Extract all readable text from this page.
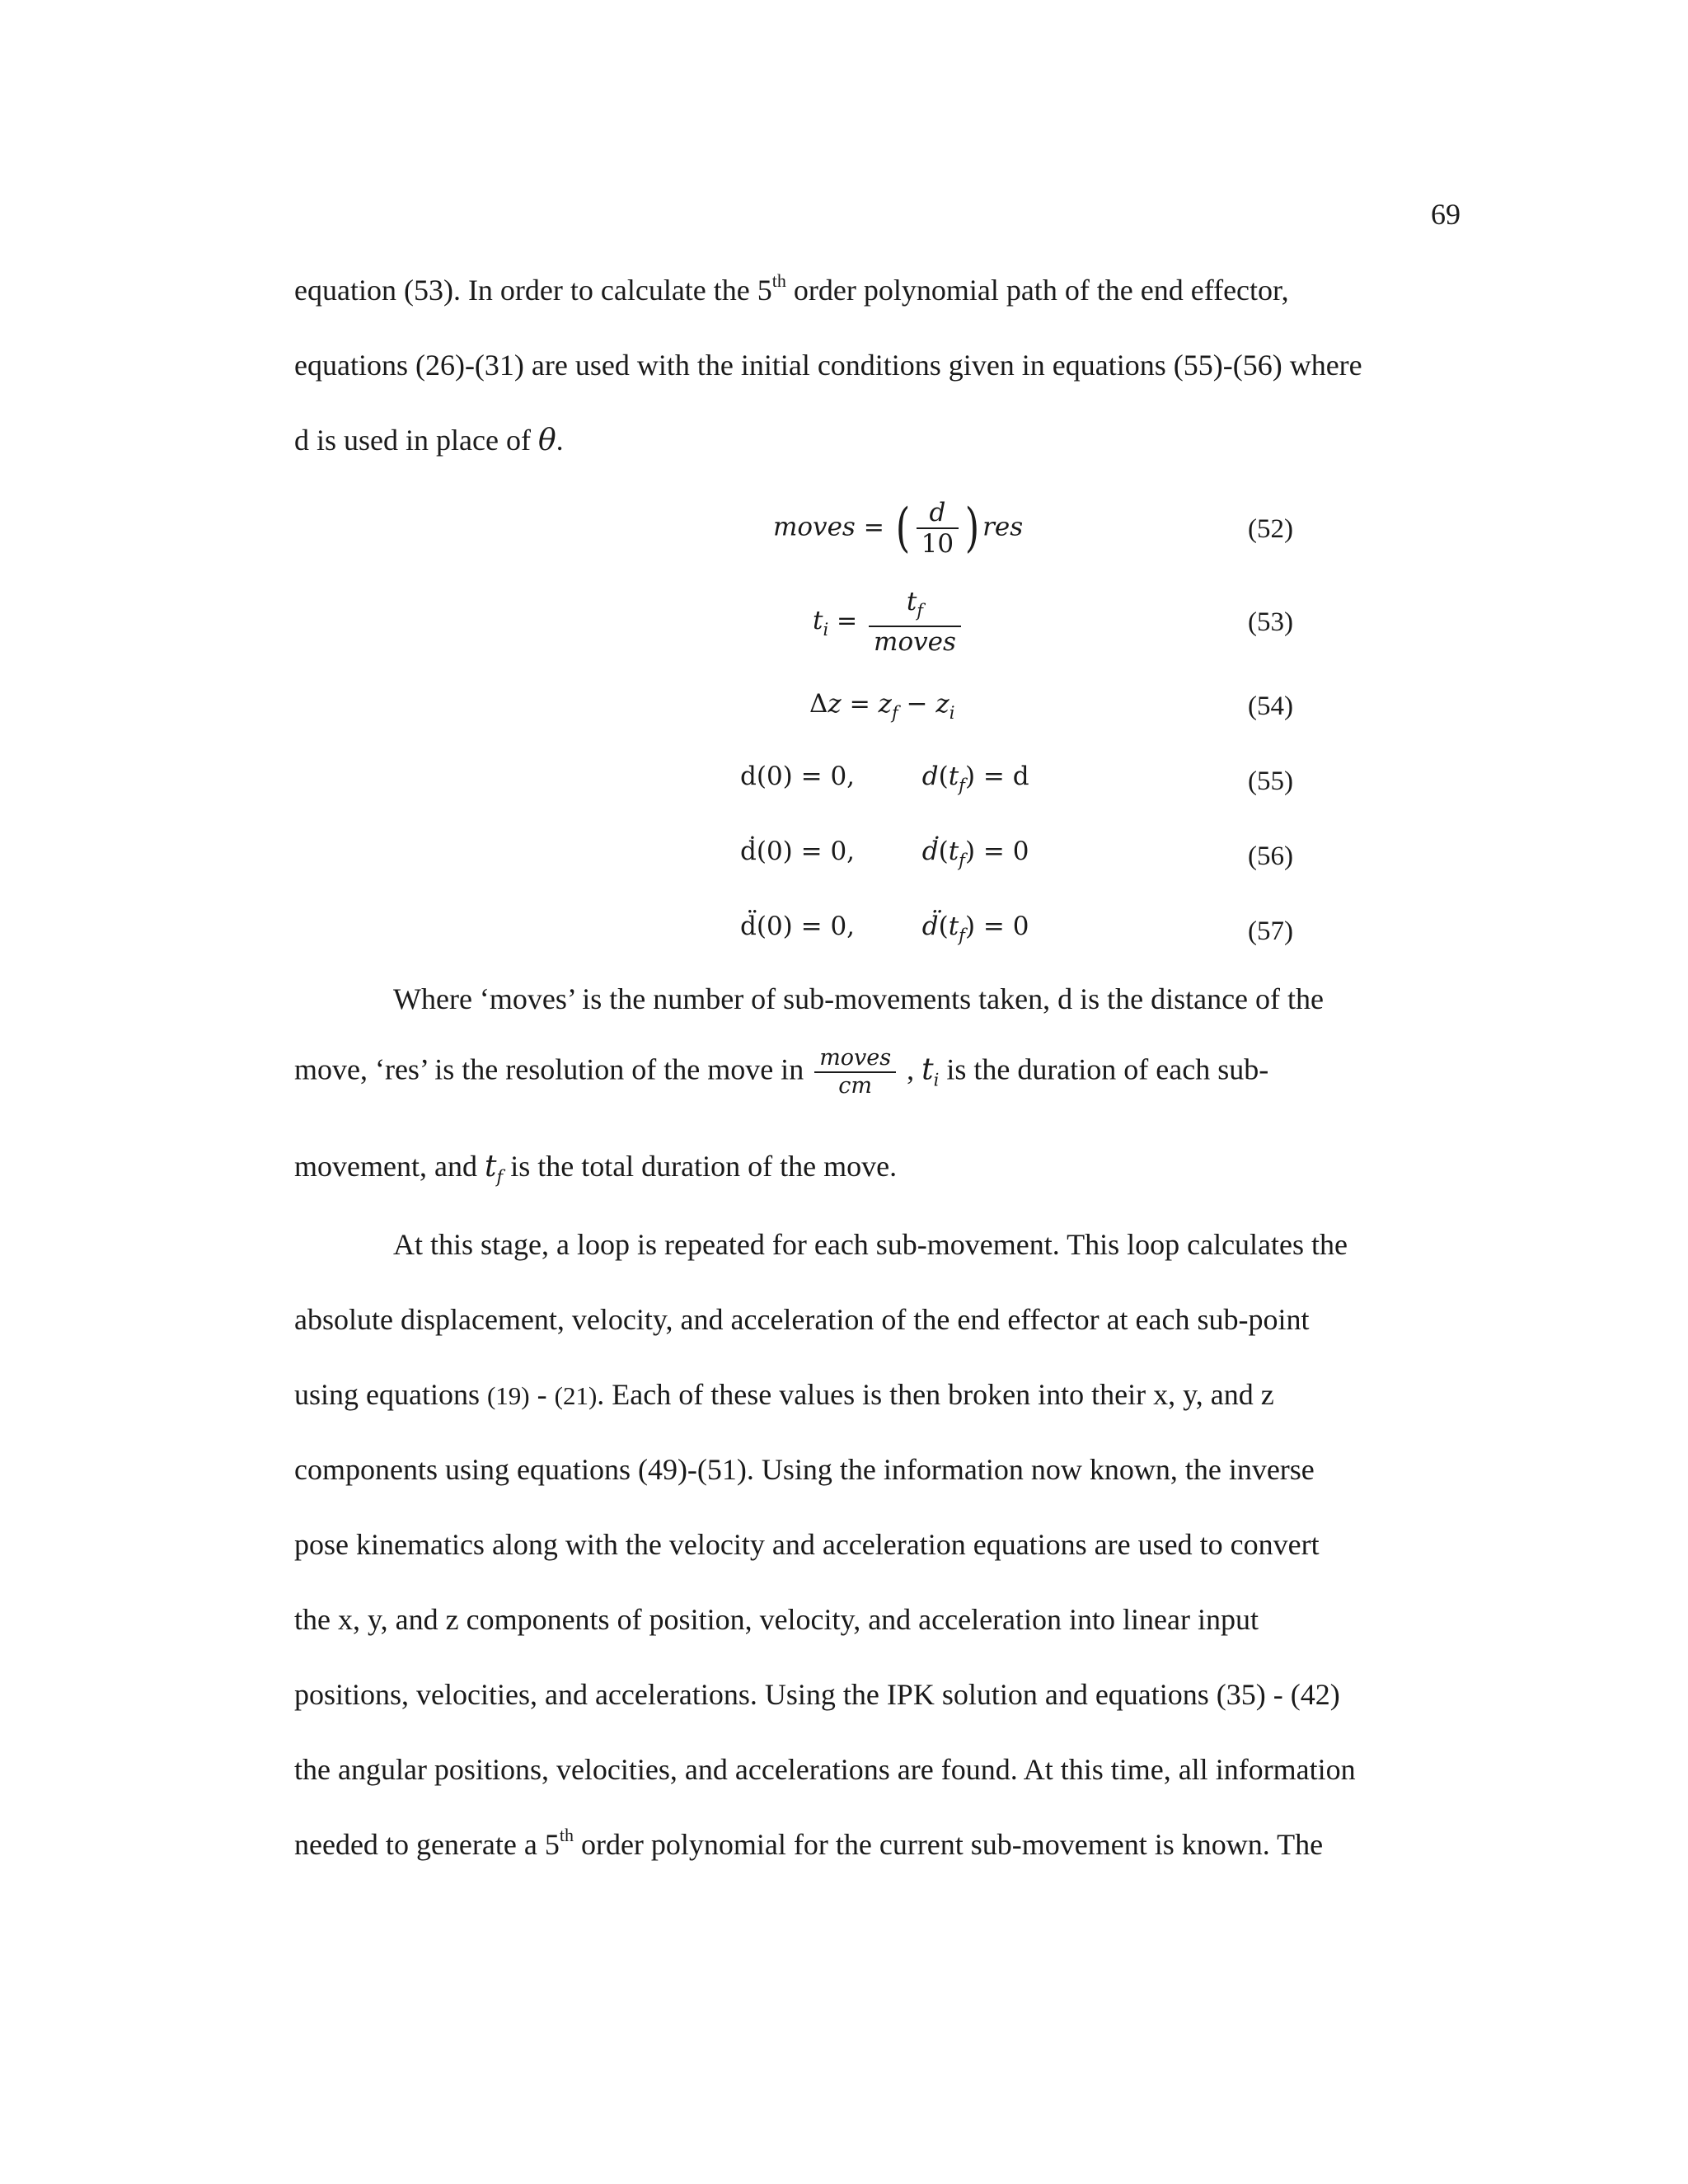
69
equation (53). In order to calculate the 5th order polynomial path of the end effector,
equations (26)-(31) are used with the initial conditions given in equations (55)-(56) where
d is used in place of θ.
moves = ( $\frac{d}{10}$ ) res	(52)
$t_i = \frac{t_f}{\text{moves}}$	(53)
$\Delta z = z_f - z_i$	(54)
d(0) = 0,	$d(t_f) = d$	(55)
ḋ(0) = 0,	$ḋ(t_f) = 0$	(56)
d̈(0) = 0,	$d̈(t_f) = 0$	(57)
Where ‘moves’ is the number of sub-movements taken, d is the distance of the
move, ‘res’ is the resolution of the move in $\frac{\text{moves}}{cm}$ , $t_i$ is the duration of each sub-
movement, and $t_f$ is the total duration of the move.
At this stage, a loop is repeated for each sub-movement. This loop calculates the
absolute displacement, velocity, and acceleration of the end effector at each sub-point
using equations (19) - (21). Each of these values is then broken into their x, y, and z
components using equations (49)-(51). Using the information now known, the inverse
pose kinematics along with the velocity and acceleration equations are used to convert
the x, y, and z components of position, velocity, and acceleration into linear input
positions, velocities, and accelerations. Using the IPK solution and equations (35) - (42)
the angular positions, velocities, and accelerations are found. At this time, all information
needed to generate a 5th order polynomial for the current sub-movement is known. The
